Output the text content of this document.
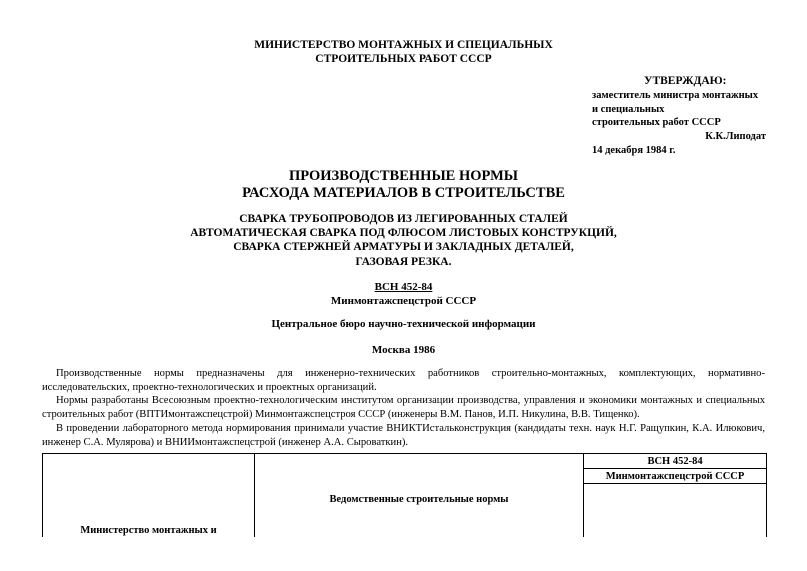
МИНИСТЕРСТВО МОНТАЖНЫХ И СПЕЦИАЛЬНЫХ
СТРОИТЕЛЬНЫХ РАБОТ СССР
УТВЕРЖДАЮ:
заместитель министра монтажных
и специальных
строительных работ СССР
К.К.Липодат
14 декабря 1984 г.
ПРОИЗВОДСТВЕННЫЕ НОРМЫ
РАСХОДА МАТЕРИАЛОВ В СТРОИТЕЛЬСТВЕ
СВАРКА ТРУБОПРОВОДОВ ИЗ ЛЕГИРОВАННЫХ СТАЛЕЙ
АВТОМАТИЧЕСКАЯ СВАРКА ПОД ФЛЮСОМ ЛИСТОВЫХ КОНСТРУКЦИЙ,
СВАРКА СТЕРЖНЕЙ АРМАТУРЫ И ЗАКЛАДНЫХ ДЕТАЛЕЙ,
ГАЗОВАЯ РЕЗКА.
ВСН 452-84
Минмонтажспецстрой СССР
Центральное бюро научно-технической информации
Москва 1986

Производственные нормы предназначены для инженерно-технических работников строительно-монтажных, комплектующих, нормативно-исследовательских, проектно-технологических и проектных организаций.

Нормы разработаны Всесоюзным проектно-технологическим институтом организации производства, управления и экономики монтажных и специальных строительных работ (ВПТИмонтажспецстрой) Минмонтажспецстроя СССР (инженеры В.М. Панов, И.П. Никулина, В.В. Тищенко).

В проведении лабораторного метода нормирования принимали участие ВНИКТИстальконструкция (кандидаты техн. наук Н.Г. Ращупкин, К.А. Илюкович, инженер С.А. Мулярова) и ВНИИмонтажспецстрой (инженер А.А. Сыроваткин).

Министерство монтажных и	Ведомственные строительные нормы	ВСН 452-84
Минмонтажспецстрой СССР
